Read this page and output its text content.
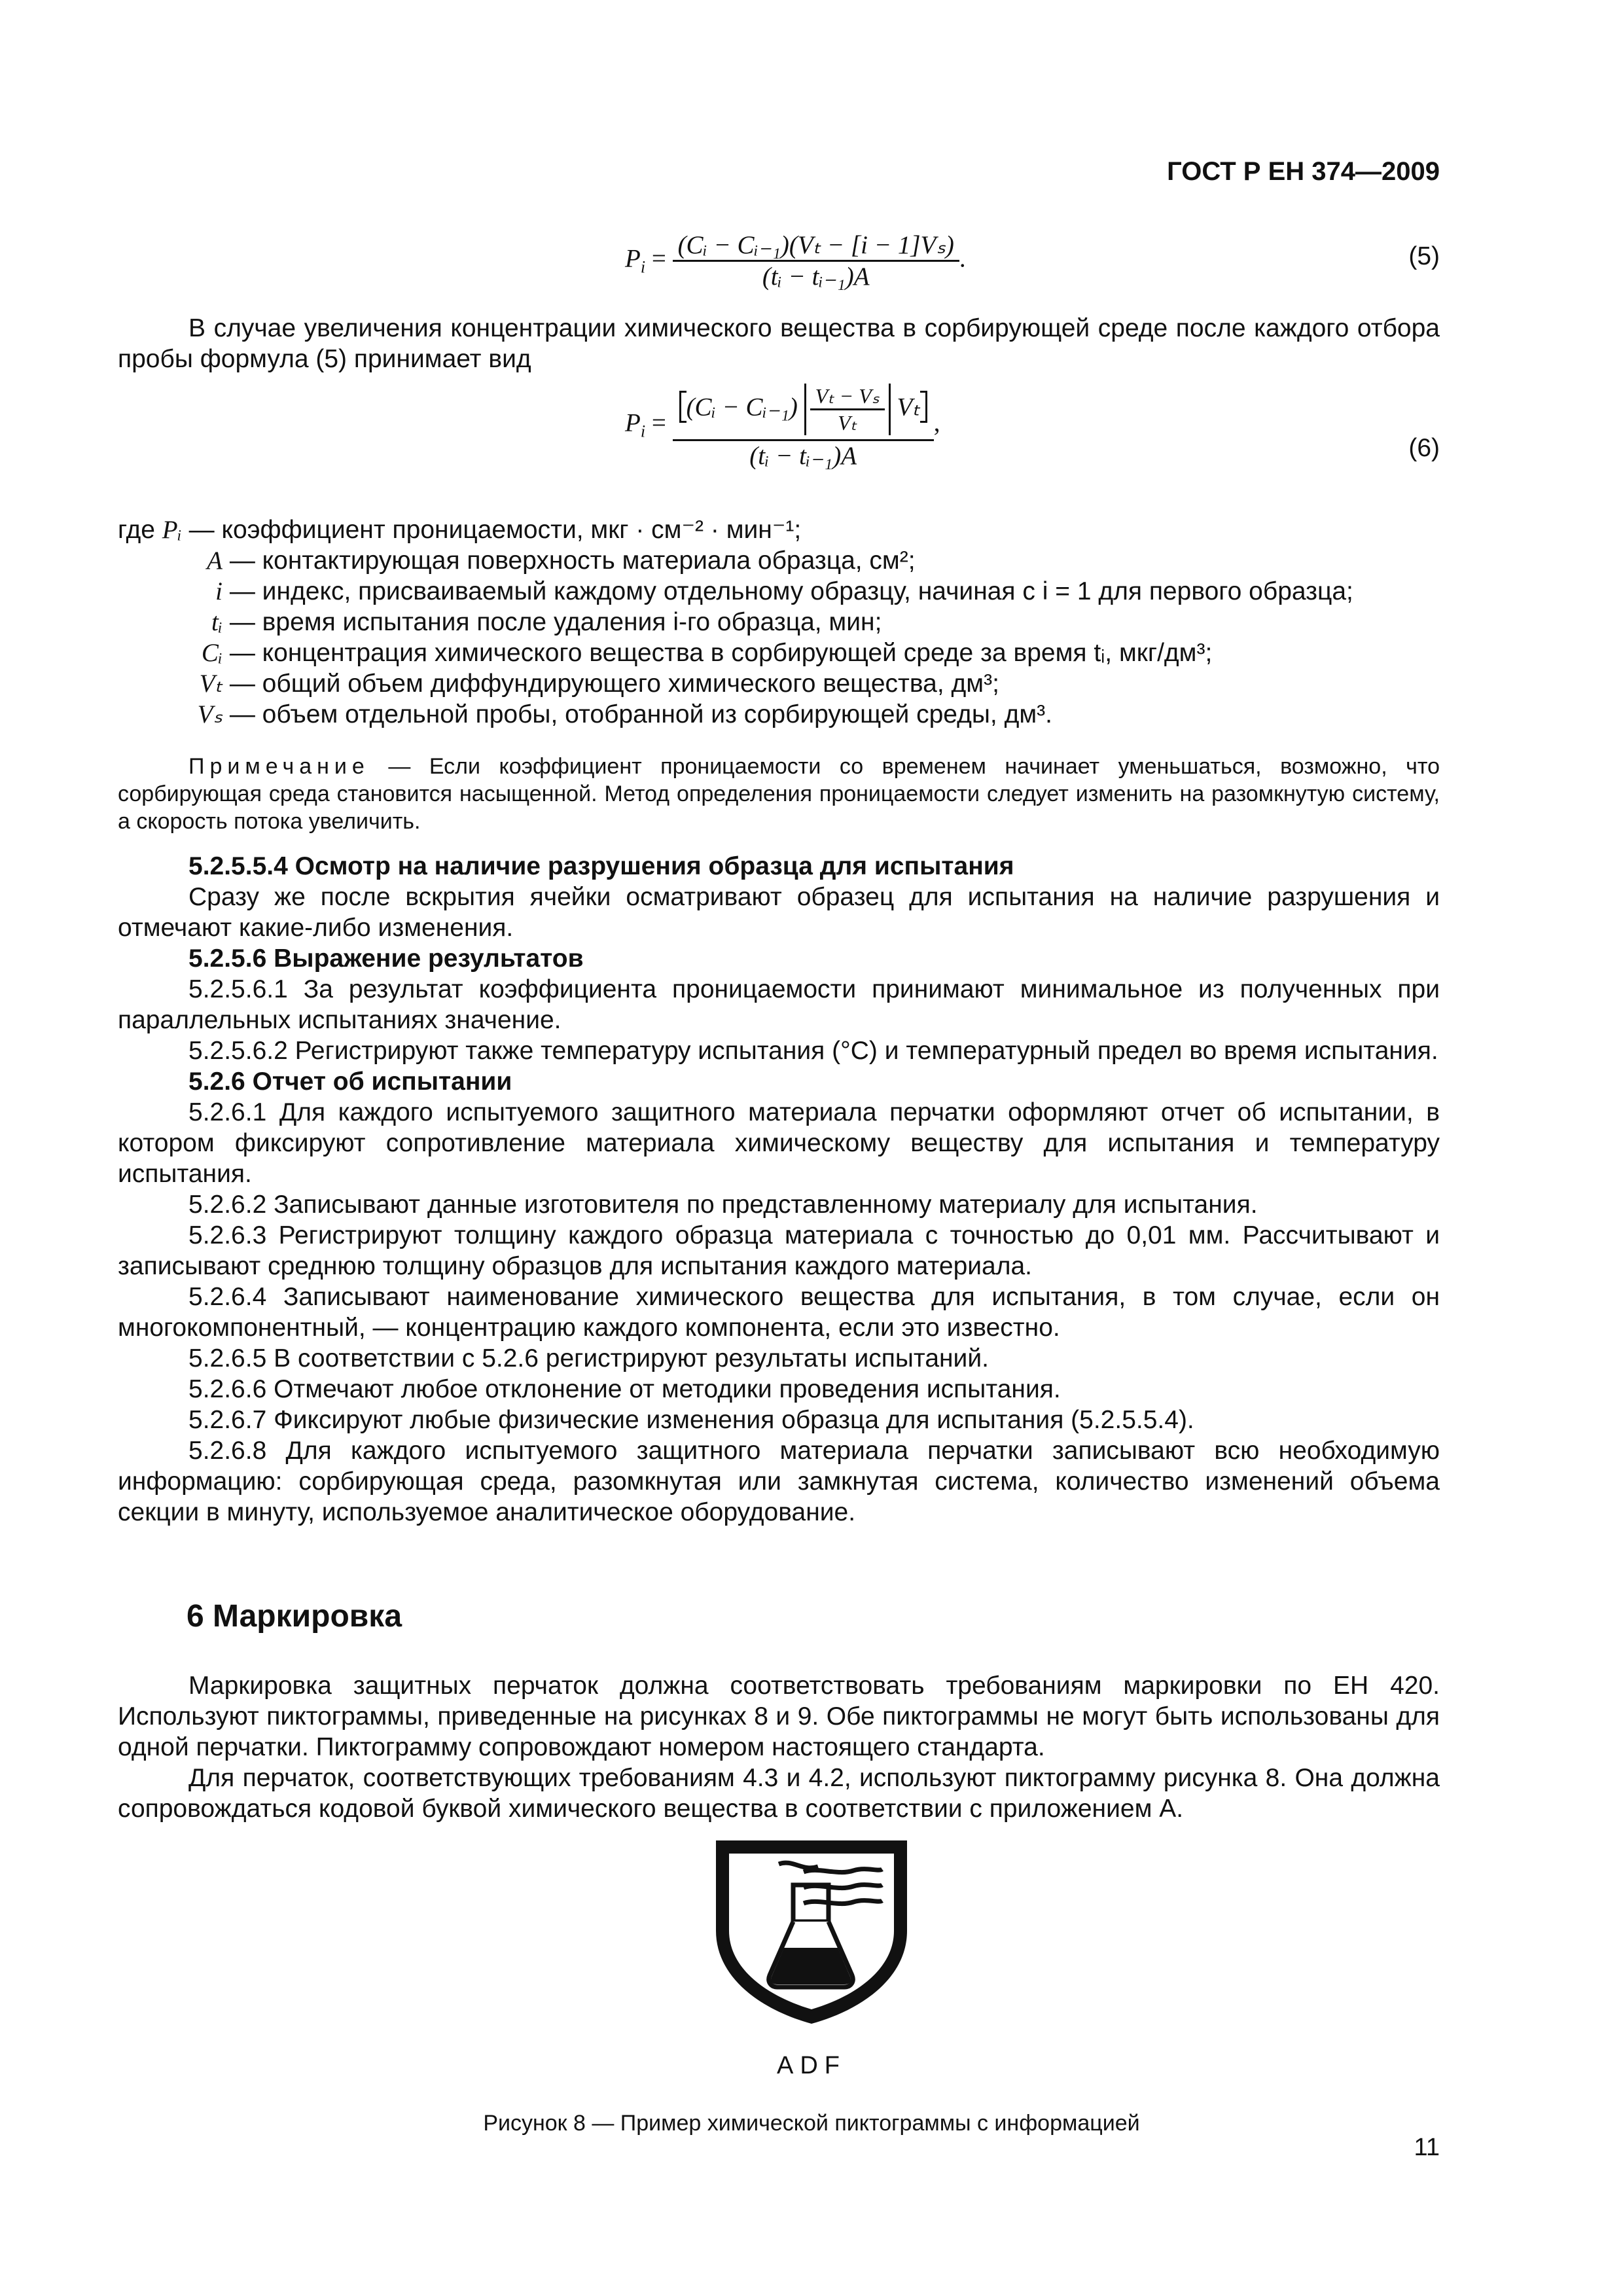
ГОСТ Р ЕН 374—2009
$P_i = \frac{\text{(Cᵢ − Cᵢ₋₁)(Vₜ − [i − 1]Vₛ)}}{\text{(tᵢ − tᵢ₋₁)A}}$ .	(5)
В случае увеличения концентрации химического вещества в сорбирующей среде после каждого отбора пробы формула (5) принимает вид
$P_i$ =
(Cᵢ − Cᵢ₋₁) $\frac{\text{Vₜ − Vₛ}}{\text{Vₜ}}$ Vₜ
(tᵢ − tᵢ₋₁)A
,
(6)
где Pᵢ — коэффициент проницаемости, мкг · см⁻² · мин⁻¹;
A — контактирующая поверхность материала образца, см²;
i — индекс, присваиваемый каждому отдельному образцу, начиная с i = 1 для первого образца;
tᵢ — время испытания после удаления i-го образца, мин;
Cᵢ — концентрация химического вещества в сорбирующей среде за время tᵢ, мкг/дм³;
Vₜ — общий объем диффундирующего химического вещества, дм³;
Vₛ — объем отдельной пробы, отобранной из сорбирующей среды, дм³.
Примечание — Если коэффициент проницаемости со временем начинает уменьшаться, возможно, что сорбирующая среда становится насыщенной. Метод определения проницаемости следует изменить на разомкнутую систему, а скорость потока увеличить.
5.2.5.5.4 Осмотр на наличие разрушения образца для испытания
Сразу же после вскрытия ячейки осматривают образец для испытания на наличие разрушения и отмечают какие-либо изменения.
5.2.5.6 Выражение результатов
5.2.5.6.1 За результат коэффициента проницаемости принимают минимальное из полученных при параллельных испытаниях значение.
5.2.5.6.2 Регистрируют также температуру испытания (°С) и температурный предел во время испытания.
5.2.6 Отчет об испытании
5.2.6.1 Для каждого испытуемого защитного материала перчатки оформляют отчет об испытании, в котором фиксируют сопротивление материала химическому веществу для испытания и температуру испытания.
5.2.6.2 Записывают данные изготовителя по представленному материалу для испытания.
5.2.6.3 Регистрируют толщину каждого образца материала с точностью до 0,01 мм. Рассчитывают и записывают среднюю толщину образцов для испытания каждого материала.
5.2.6.4 Записывают наименование химического вещества для испытания, в том случае, если он многокомпонентный, — концентрацию каждого компонента, если это известно.
5.2.6.5 В соответствии с 5.2.6 регистрируют результаты испытаний.
5.2.6.6 Отмечают любое отклонение от методики проведения испытания.
5.2.6.7 Фиксируют любые физические изменения образца для испытания (5.2.5.5.4).
5.2.6.8 Для каждого испытуемого защитного материала перчатки записывают всю необходимую информацию: сорбирующая среда, разомкнутая или замкнутая система, количество изменений объема секции в минуту, используемое аналитическое оборудование.
6 Маркировка
Маркировка защитных перчаток должна соответствовать требованиям маркировки по ЕН 420. Используют пиктограммы, приведенные на рисунках 8 и 9. Обе пиктограммы не могут быть использованы для одной перчатки. Пиктограмму сопровождают номером настоящего стандарта.
Для перчаток, соответствующих требованиям 4.3 и 4.2, используют пиктограмму рисунка 8. Она должна сопровождаться кодовой буквой химического вещества в соответствии с приложением А.
ADF
Рисунок 8 — Пример химической пиктограммы с информацией
11
